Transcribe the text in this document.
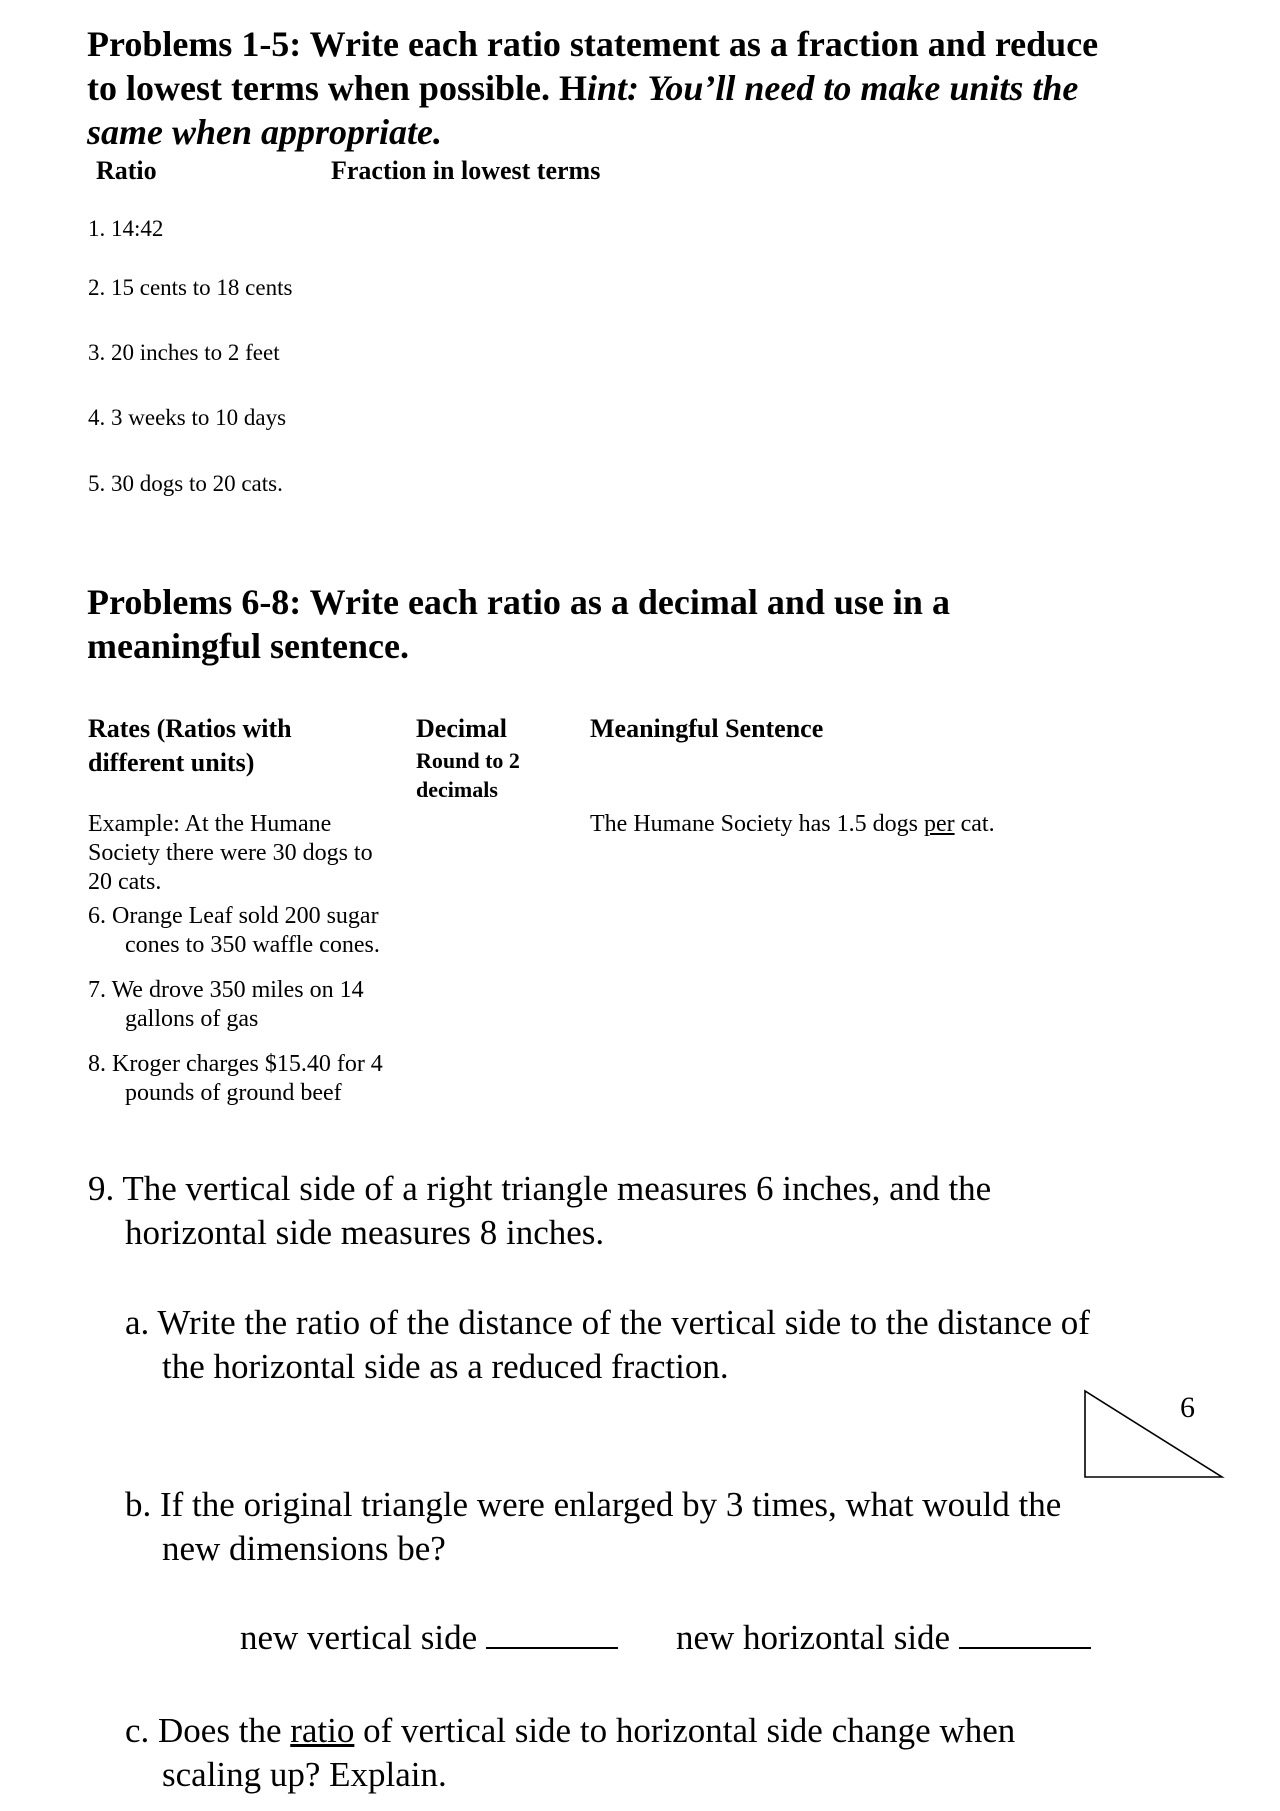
Problems 1-5: Write each ratio statement as a fraction and reduce
to lowest terms when possible. Hint: You’ll need to make units the
same when appropriate.
Ratio	Fraction in lowest terms
1. 14:42
2. 15 cents to 18 cents
3. 20 inches to 2 feet
4. 3 weeks to 10 days
5. 30 dogs to 20 cats.
Problems 6-8: Write each ratio as a decimal and use in a
meaningful sentence.
Rates (Ratios with
different units)
Decimal
Round to 2
decimals
Meaningful Sentence
Example: At the Humane
Society there were 30 dogs to
20 cats.
The Humane Society has 1.5 dogs per cat.
6. Orange Leaf sold 200 sugar
cones to 350 waffle cones.
7. We drove 350 miles on 14
gallons of gas
8. Kroger charges $15.40 for 4
pounds of ground beef
9. The vertical side of a right triangle measures 6 inches, and the
horizontal side measures 8 inches.
a. Write the ratio of the distance of the vertical side to the distance of
the horizontal side as a reduced fraction.
6
b. If the original triangle were enlarged by 3 times, what would the
new dimensions be?
new vertical side	new horizontal side
c. Does the ratio of vertical side to horizontal side change when
scaling up? Explain.
